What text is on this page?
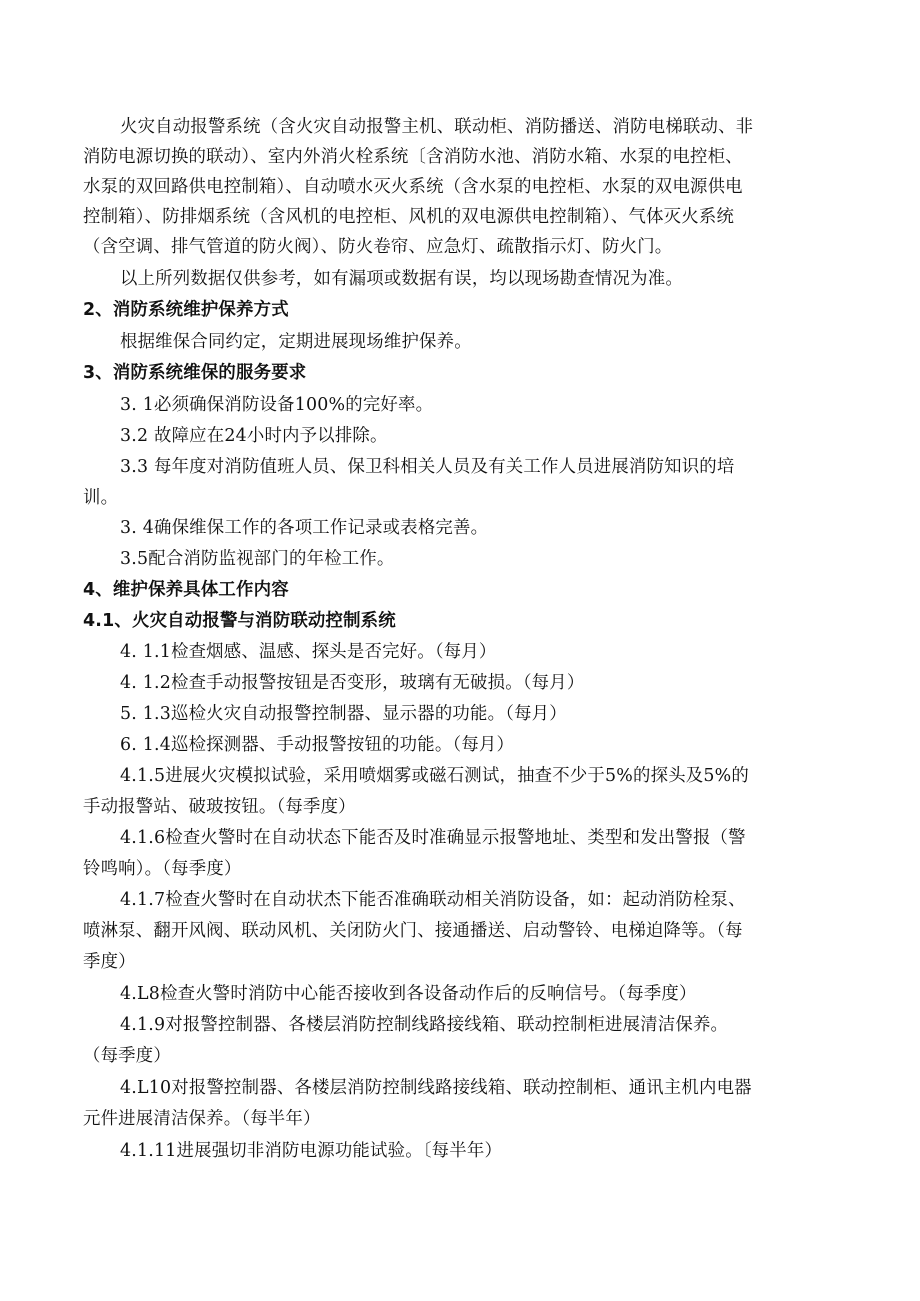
火灾自动报警系统（含火灾自动报警主机、联动柜、消防播送、消防电梯联动、非
消防电源切换的联动）、室内外消火栓系统〔含消防水池、消防水箱、水泵的电控柜、
水泵的双回路供电控制箱）、自动喷水灭火系统（含水泵的电控柜、水泵的双电源供电
控制箱）、防排烟系统（含风机的电控柜、风机的双电源供电控制箱）、气体灭火系统
（含空调、排气管道的防火阀）、防火卷帘、应急灯、疏散指示灯、防火门。
以上所列数据仅供参考，如有漏项或数据有误，均以现场勘查情况为准。
2、消防系统维护保养方式
根据维保合同约定，定期进展现场维护保养。
3、消防系统维保的服务要求
3. 1必须确保消防设备100%的完好率。
3.2 故障应在24小时内予以排除。
3.3 每年度对消防值班人员、保卫科相关人员及有关工作人员进展消防知识的培
训。
3. 4确保维保工作的各项工作记录或表格完善。
3.5配合消防监视部门的年检工作。
4、维护保养具体工作内容
4.1、火灾自动报警与消防联动控制系统
4. 1.1检查烟感、温感、探头是否完好。（每月）
4. 1.2检查手动报警按钮是否变形，玻璃有无破损。（每月）
5. 1.3巡检火灾自动报警控制器、显示器的功能。（每月）
6. 1.4巡检探测器、手动报警按钮的功能。（每月）
4.1.5进展火灾模拟试验，采用喷烟雾或磁石测试，抽查不少于5%的探头及5%的
手动报警站、破玻按钮。（每季度）
4.1.6检查火警时在自动状态下能否及时准确显示报警地址、类型和发出警报（警
铃鸣响）。（每季度）
4.1.7检查火警时在自动状杰下能否准确联动相关消防设备，如：起动消防栓泵、
喷淋泵、翻开风阀、联动风机、关闭防火门、接通播送、启动警铃、电梯迫降等。（每
季度）
4.L8检查火警时消防中心能否接收到各设备动作后的反响信号。（每季度）
4.1.9对报警控制器、各楼层消防控制线路接线箱、联动控制柜进展清洁保养。
（每季度）
4.L10对报警控制器、各楼层消防控制线路接线箱、联动控制柜、通讯主机内电器
元件进展清洁保养。（每半年）
4.1.11进展强切非消防电源功能试验。〔每半年）
